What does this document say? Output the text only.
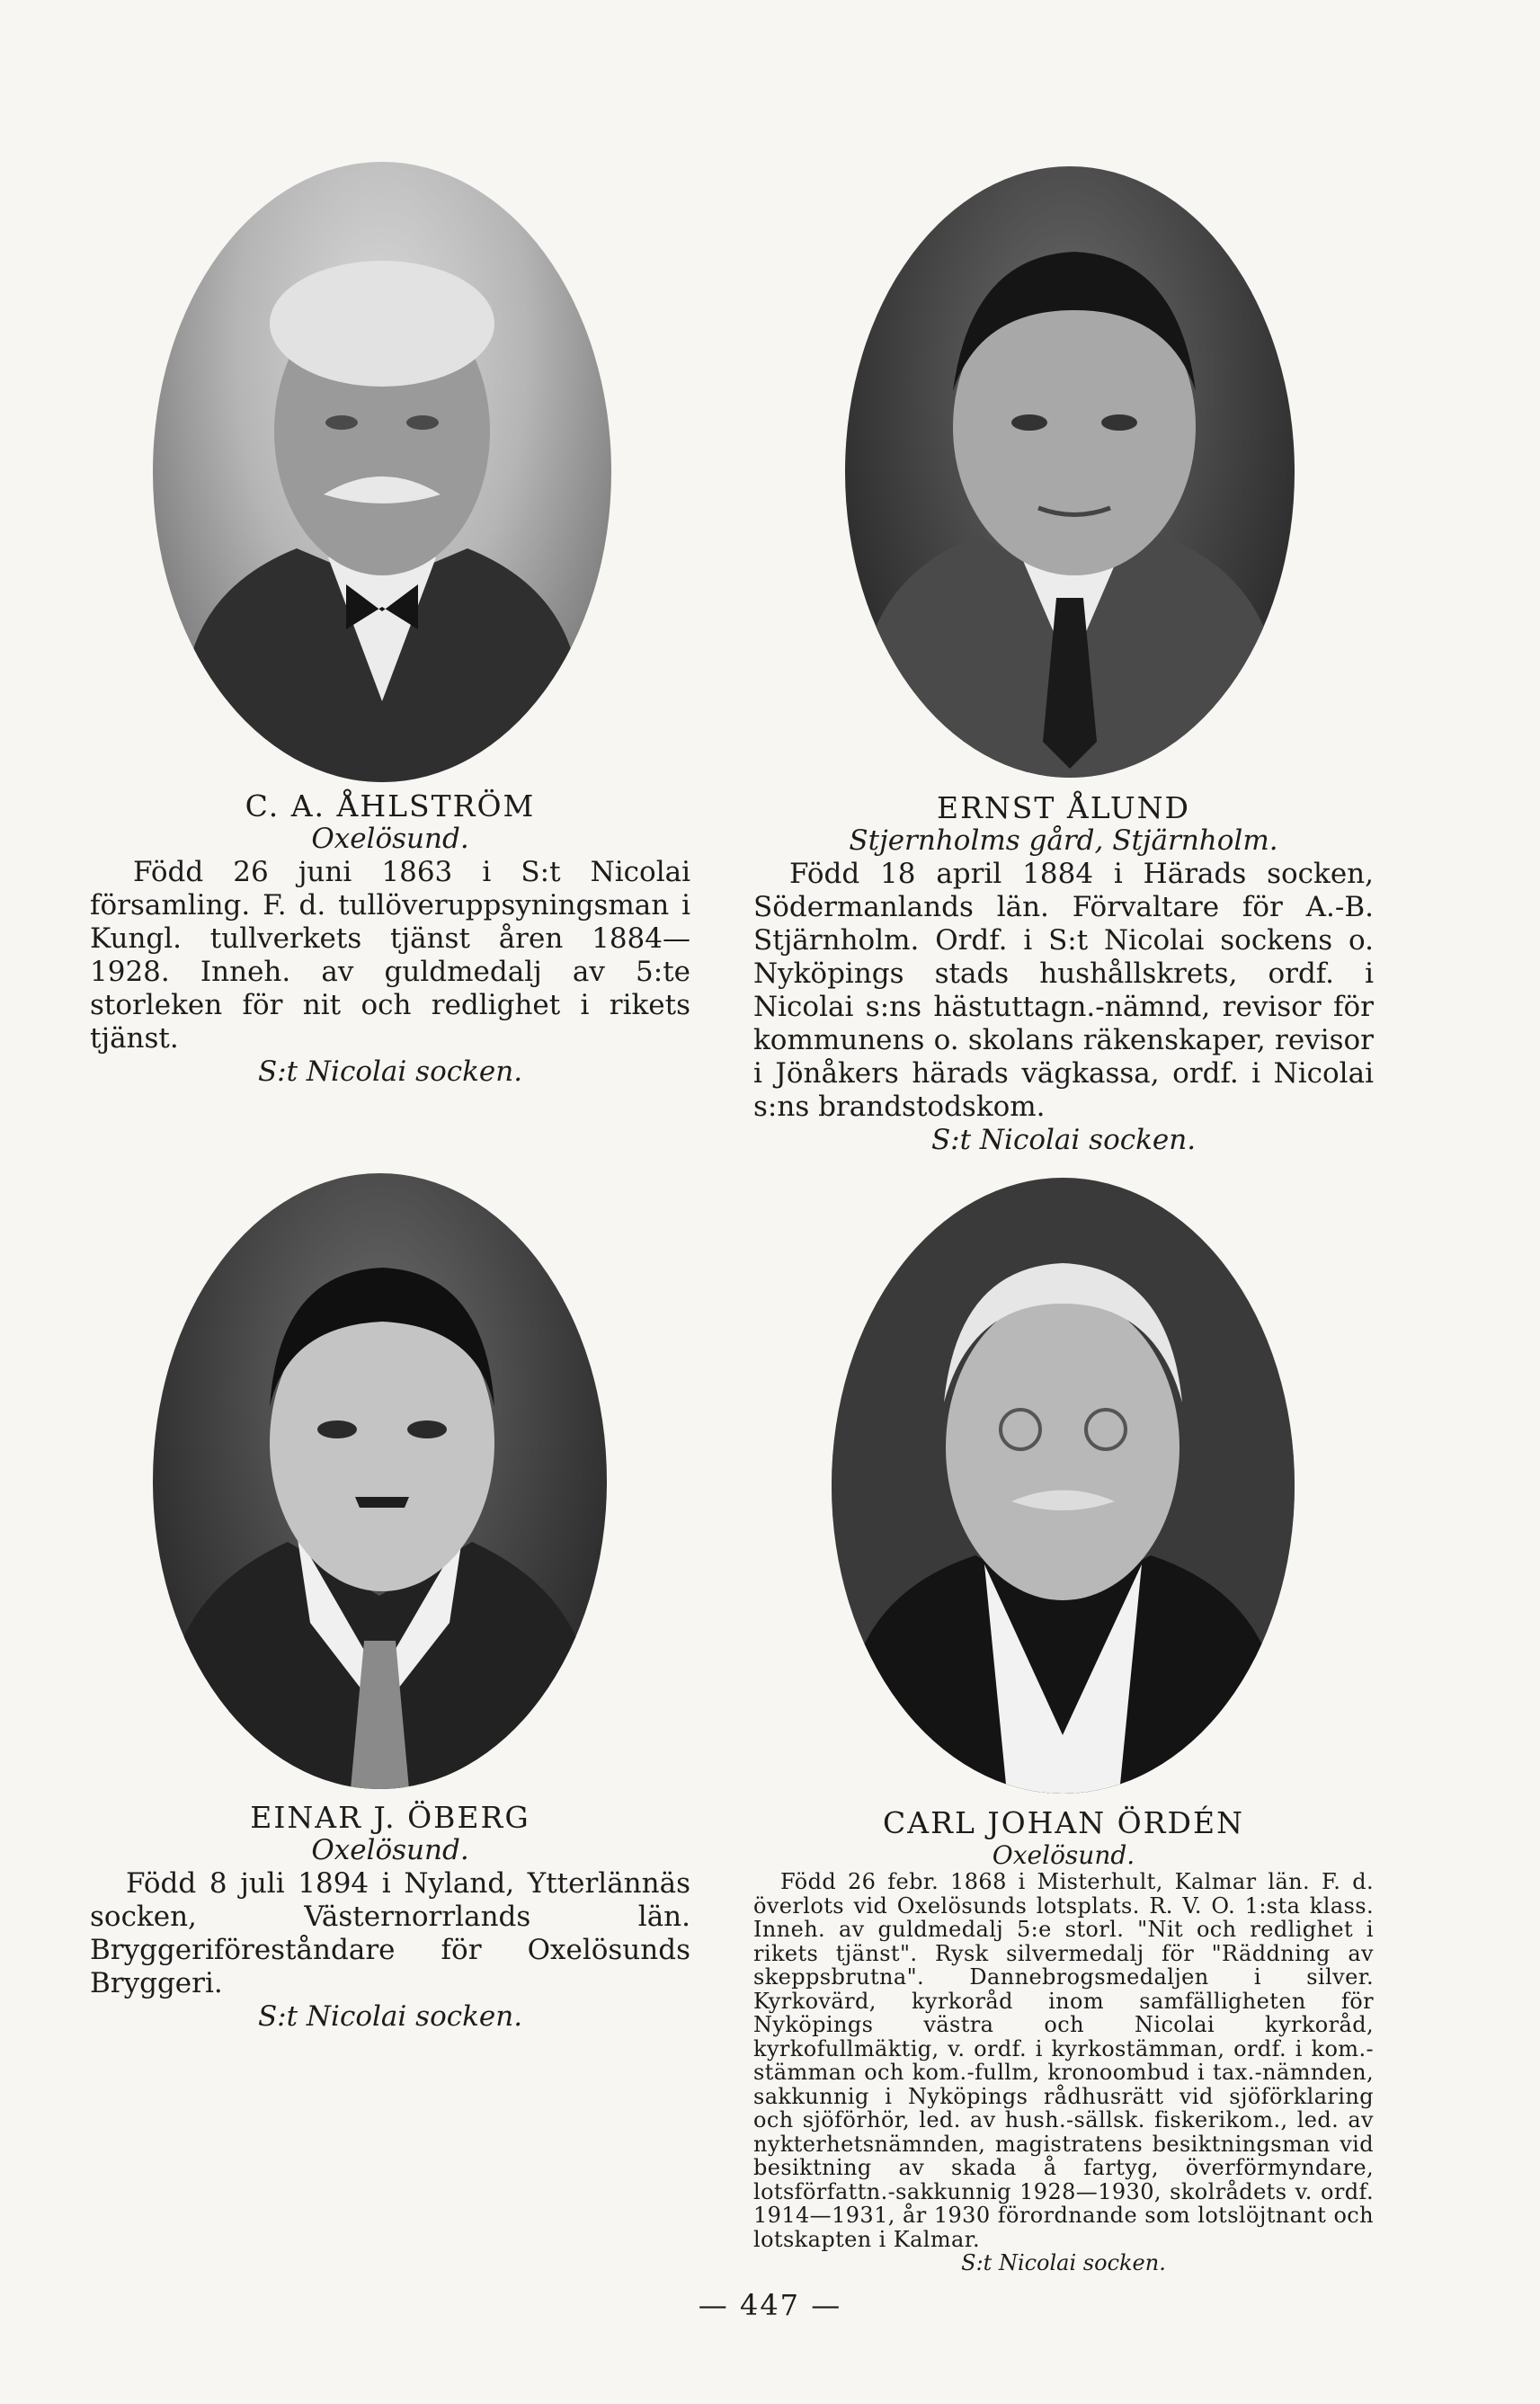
C. A. ÅHLSTRÖM
Oxelösund.
Född 26 juni 1863 i S:t Nicolai församling. F. d. tullöveruppsyningsman i Kungl. tullverkets tjänst åren 1884—1928. Inneh. av guldmedalj av 5:te storleken för nit och redlighet i rikets tjänst.
S:t Nicolai socken.
ERNST ÅLUND
Stjernholms gård, Stjärnholm.
Född 18 april 1884 i Härads socken, Södermanlands län. Förvaltare för A.-B. Stjärnholm. Ordf. i S:t Nicolai sockens o. Nyköpings stads hushållskrets, ordf. i Nicolai s:ns hästuttagn.-nämnd, revisor för kommunens o. skolans räkenskaper, revisor i Jönåkers härads vägkassa, ordf. i Nicolai s:ns brandstodskom.
S:t Nicolai socken.
EINAR J. ÖBERG
Oxelösund.
Född 8 juli 1894 i Nyland, Ytterlännäs socken, Västernorrlands län. Bryggeriföreståndare för Oxelösunds Bryggeri.
S:t Nicolai socken.
CARL JOHAN ÖRDÉN
Oxelösund.
Född 26 febr. 1868 i Misterhult, Kalmar län. F. d. överlots vid Oxelösunds lotsplats. R. V. O. 1:sta klass. Inneh. av guldmedalj 5:e storl. "Nit och redlighet i rikets tjänst". Rysk silvermedalj för "Räddning av skeppsbrutna". Dannebrogsmedaljen i silver. Kyrkovärd, kyrkoråd inom samfälligheten för Nyköpings västra och Nicolai kyrkoråd, kyrkofullmäktig, v. ordf. i kyrkostämman, ordf. i kom.-stämman och kom.-fullm, kronoombud i tax.-nämnden, sakkunnig i Nyköpings rådhusrätt vid sjöförklaring och sjöförhör, led. av hush.-sällsk. fiskerikom., led. av nykterhetsnämnden, magistratens besiktningsman vid besiktning av skada å fartyg, överförmyndare, lotsförfattn.-sakkunnig 1928—1930, skolrådets v. ordf. 1914—1931, år 1930 förordnande som lotslöjtnant och lotskapten i Kalmar.
S:t Nicolai socken.
— 447 —
